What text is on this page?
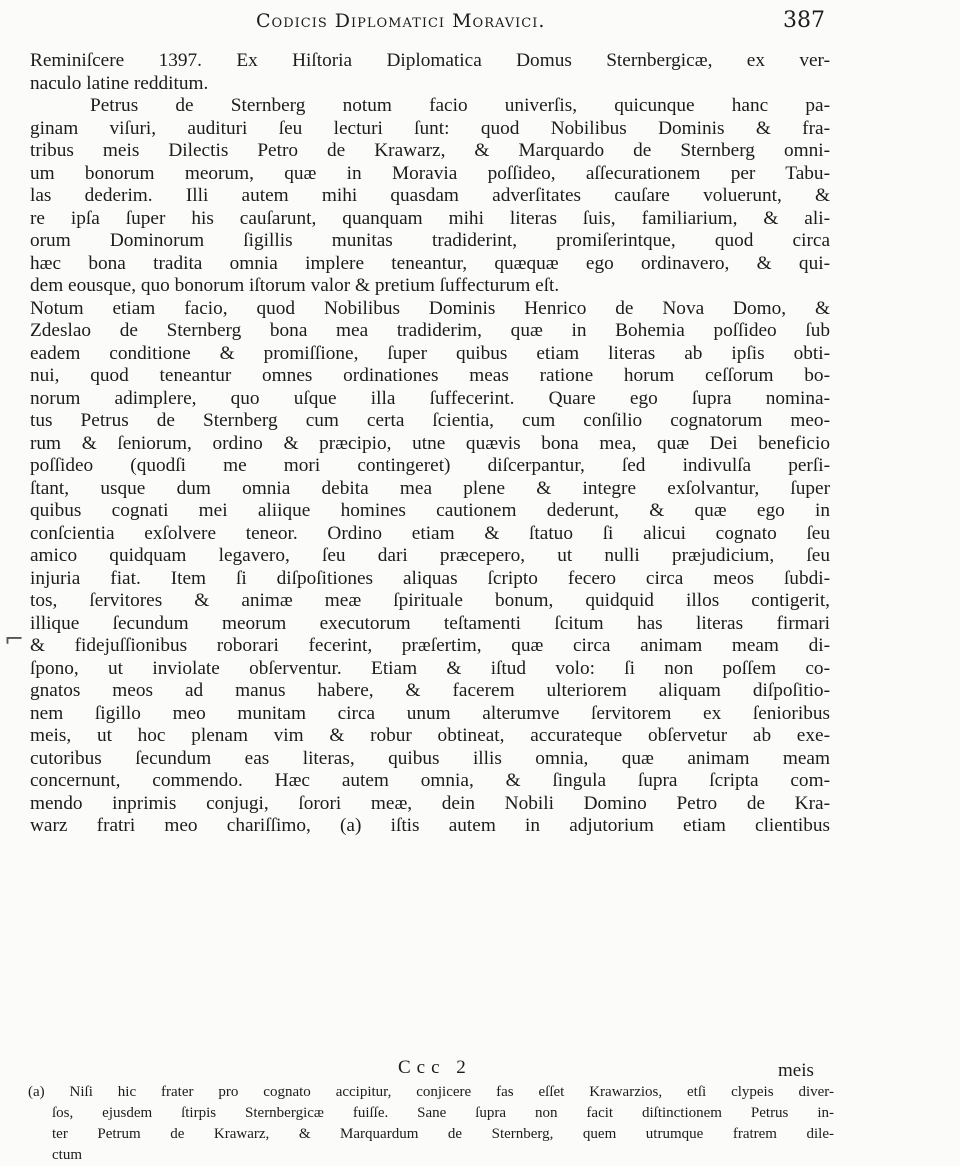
Codicis Diplomatici Moravici.	387
Reminiſcere 1397. Ex Hiſtoria Diplomatica Domus Sternbergicæ, ex ver-
naculo latine redditum.
Petrus de Sternberg notum facio univerſis, quicunque hanc pa-
ginam viſuri, audituri ſeu lecturi ſunt: quod Nobilibus Dominis & fra-
tribus meis Dilectis Petro de Krawarz, & Marquardo de Sternberg omni-
um bonorum meorum, quæ in Moravia poſſideo, aſſecurationem per Tabu-
las dederim. Illi autem mihi quasdam adverſitates cauſare voluerunt, &
re ipſa ſuper his cauſarunt, quanquam mihi literas ſuis, familiarium, & ali-
orum Dominorum ſigillis munitas tradiderint, promiſerintque, quod circa
hæc bona tradita omnia implere teneantur, quæquæ ego ordinavero, & qui-
dem eousque, quo bonorum iſtorum valor & pretium ſuffecturum eſt.
Notum etiam facio, quod Nobilibus Dominis Henrico de Nova Domo, &
Zdeslao de Sternberg bona mea tradiderim, quæ in Bohemia poſſideo ſub
eadem conditione & promiſſione, ſuper quibus etiam literas ab ipſis obti-
nui, quod teneantur omnes ordinationes meas ratione horum ceſſorum bo-
norum adimplere, quo uſque illa ſuffecerint. Quare ego ſupra nomina-
tus Petrus de Sternberg cum certa ſcientia, cum conſilio cognatorum meo-
rum & ſeniorum, ordino & præcipio, utne quævis bona mea, quæ Dei beneficio
poſſideo (quodſi me mori contingeret) diſcerpantur, ſed indivulſa perſi-
ſtant, usque dum omnia debita mea plene & integre exſolvantur, ſuper
quibus cognati mei aliique homines cautionem dederunt, & quæ ego in
conſcientia exſolvere teneor. Ordino etiam & ſtatuo ſi alicui cognato ſeu
amico quidquam legavero, ſeu dari præcepero, ut nulli præjudicium, ſeu
injuria fiat. Item ſi diſpoſitiones aliquas ſcripto fecero circa meos ſubdi-
tos, ſervitores & animæ meæ ſpirituale bonum, quidquid illos contigerit,
illique ſecundum meorum executorum teſtamenti ſcitum has literas firmari
& fidejuſſionibus roborari fecerint, præſertim, quæ circa animam meam di-
ſpono, ut inviolate obſerventur. Etiam & iſtud volo: ſi non poſſem co-
gnatos meos ad manus habere, & facerem ulteriorem aliquam diſpoſitio-
nem ſigillo meo munitam circa unum alterumve ſervitorem ex ſenioribus
meis, ut hoc plenam vim & robur obtineat, accurateque obſervetur ab exe-
cutoribus ſecundum eas literas, quibus illis omnia, quæ animam meam
concernunt, commendo. Hæc autem omnia, & ſingula ſupra ſcripta com-
mendo inprimis conjugi, ſorori meæ, dein Nobili Domino Petro de Kra-
warz fratri meo chariſſimo, (a) iſtis autem in adjutorium etiam clientibus
⌐
Ccc 2	meis
(a) Niſi hic frater pro cognato accipitur, conjicere fas eſſet Krawarzios, etſi clypeis diver-
ſos, ejusdem ſtirpis Sternbergicæ fuiſſe. Sane ſupra non facit diſtinctionem Petrus in-
ter Petrum de Krawarz, & Marquardum de Sternberg, quem utrumque fratrem dile-
ctum
